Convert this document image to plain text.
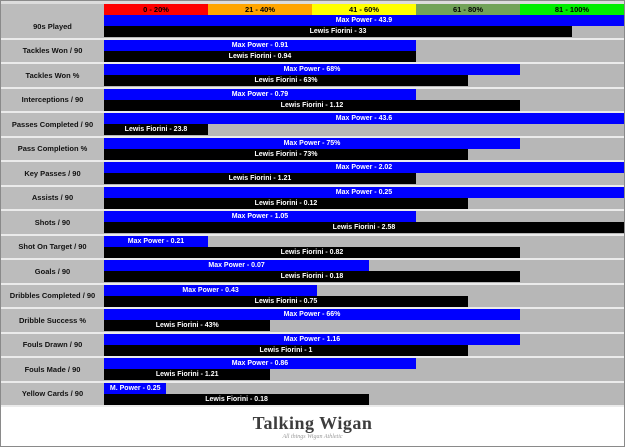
0 - 20%	21 - 40%	41 - 60%	61 - 80%	81 - 100%
90s Played
Max Power - 43.9
Lewis Fiorini - 33
Tackles Won / 90
Max Power - 0.91
Lewis Fiorini - 0.94
Tackles Won %
Max Power - 68%
Lewis Fiorini - 63%
Interceptions / 90
Max Power - 0.79
Lewis Fiorini - 1.12
Passes Completed / 90
Max Power - 43.6
Lewis Fiorini - 23.8
Pass Completion %
Max Power - 75%
Lewis Fiorini - 73%
Key Passes / 90
Max Power - 2.02
Lewis Fiorini - 1.21
Assists / 90
Max Power - 0.25
Lewis Fiorini - 0.12
Shots / 90
Max Power - 1.05
Lewis Fiorini - 2.58
Shot On Target / 90
Max Power - 0.21
Lewis Fiorini - 0.82
Goals / 90
Max Power - 0.07
Lewis Fiorini - 0.18
Dribbles Completed / 90
Max Power - 0.43
Lewis Fiorini - 0.75
Dribble Success %
Max Power - 66%
Lewis Fiorini - 43%
Fouls Drawn / 90
Max Power - 1.16
Lewis Fiorini - 1
Fouls Made / 90
Max Power - 0.86
Lewis Fiorini - 1.21
Yellow Cards / 90
M. Power - 0.25
Lewis Fiorini - 0.18
Talking Wigan
All things Wigan Athletic
